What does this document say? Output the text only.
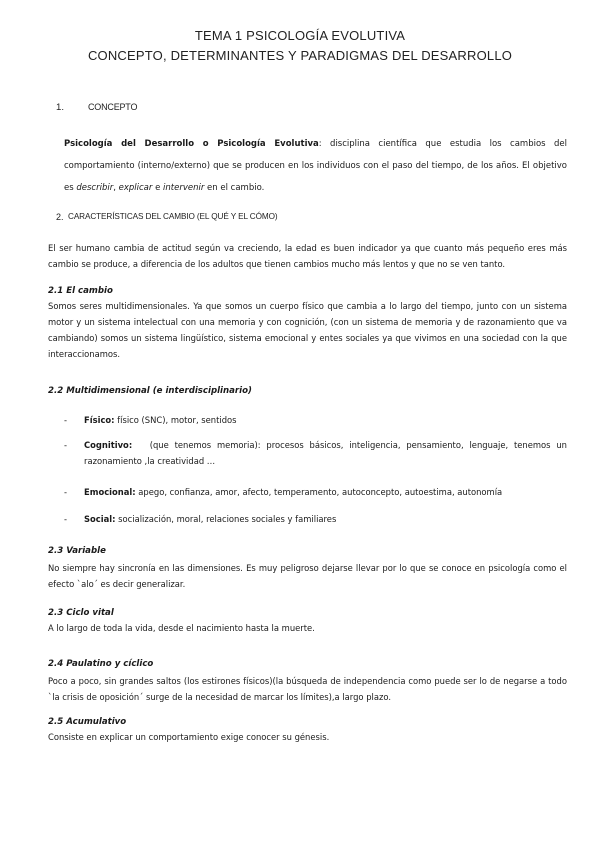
TEMA 1 PSICOLOGÍA EVOLUTIVA
CONCEPTO, DETERMINANTES Y PARADIGMAS DEL DESARROLLO
1.	CONCEPTO
Psicología del Desarrollo o Psicología Evolutiva: disciplina científica que estudia los cambios del comportamiento (interno/externo) que se producen en los individuos con el paso del tiempo, de los años. El objetivo es describir, explicar e intervenir en el cambio.
2. CARACTERÍSTICAS DEL CAMBIO (EL QUÉ Y EL CÓMO)
El ser humano cambia de actitud según va creciendo, la edad es buen indicador ya que cuanto más pequeño eres más cambio se produce, a diferencia de los adultos que tienen cambios mucho más lentos y que no se ven tanto.
2.1 El cambio
Somos seres multidimensionales. Ya que somos un cuerpo físico que cambia a lo largo del tiempo, junto con un sistema motor y un sistema intelectual con una memoria y con cognición, (con un sistema de memoria y de razonamiento que va cambiando) somos un sistema lingüístico, sistema emocional y entes sociales ya que vivimos en una sociedad con la que interaccionamos.
2.2 Multidimensional (e interdisciplinario)
- Físico: físico (SNC), motor, sentidos
- Cognitivo:   (que tenemos memoria): procesos básicos, inteligencia, pensamiento, lenguaje, tenemos un razonamiento ,la creatividad …
- Emocional: apego, confianza, amor, afecto, temperamento, autoconcepto, autoestima, autonomía
- Social: socialización, moral, relaciones sociales y familiares
2.3 Variable
No siempre hay sincronía en las dimensiones. Es muy peligroso dejarse llevar por lo que se conoce en psicología como el efecto `alo´ es decir generalizar.
2.3 Ciclo vital
A lo largo de toda la vida, desde el nacimiento hasta la muerte.
2.4 Paulatino y cíclico
Poco a poco, sin grandes saltos (los estirones físicos)(la búsqueda de independencia como puede ser lo de negarse a todo `la crisis de oposición´ surge de la necesidad de marcar los límites),a largo plazo.
2.5 Acumulativo
Consiste en explicar un comportamiento exige conocer su génesis.
